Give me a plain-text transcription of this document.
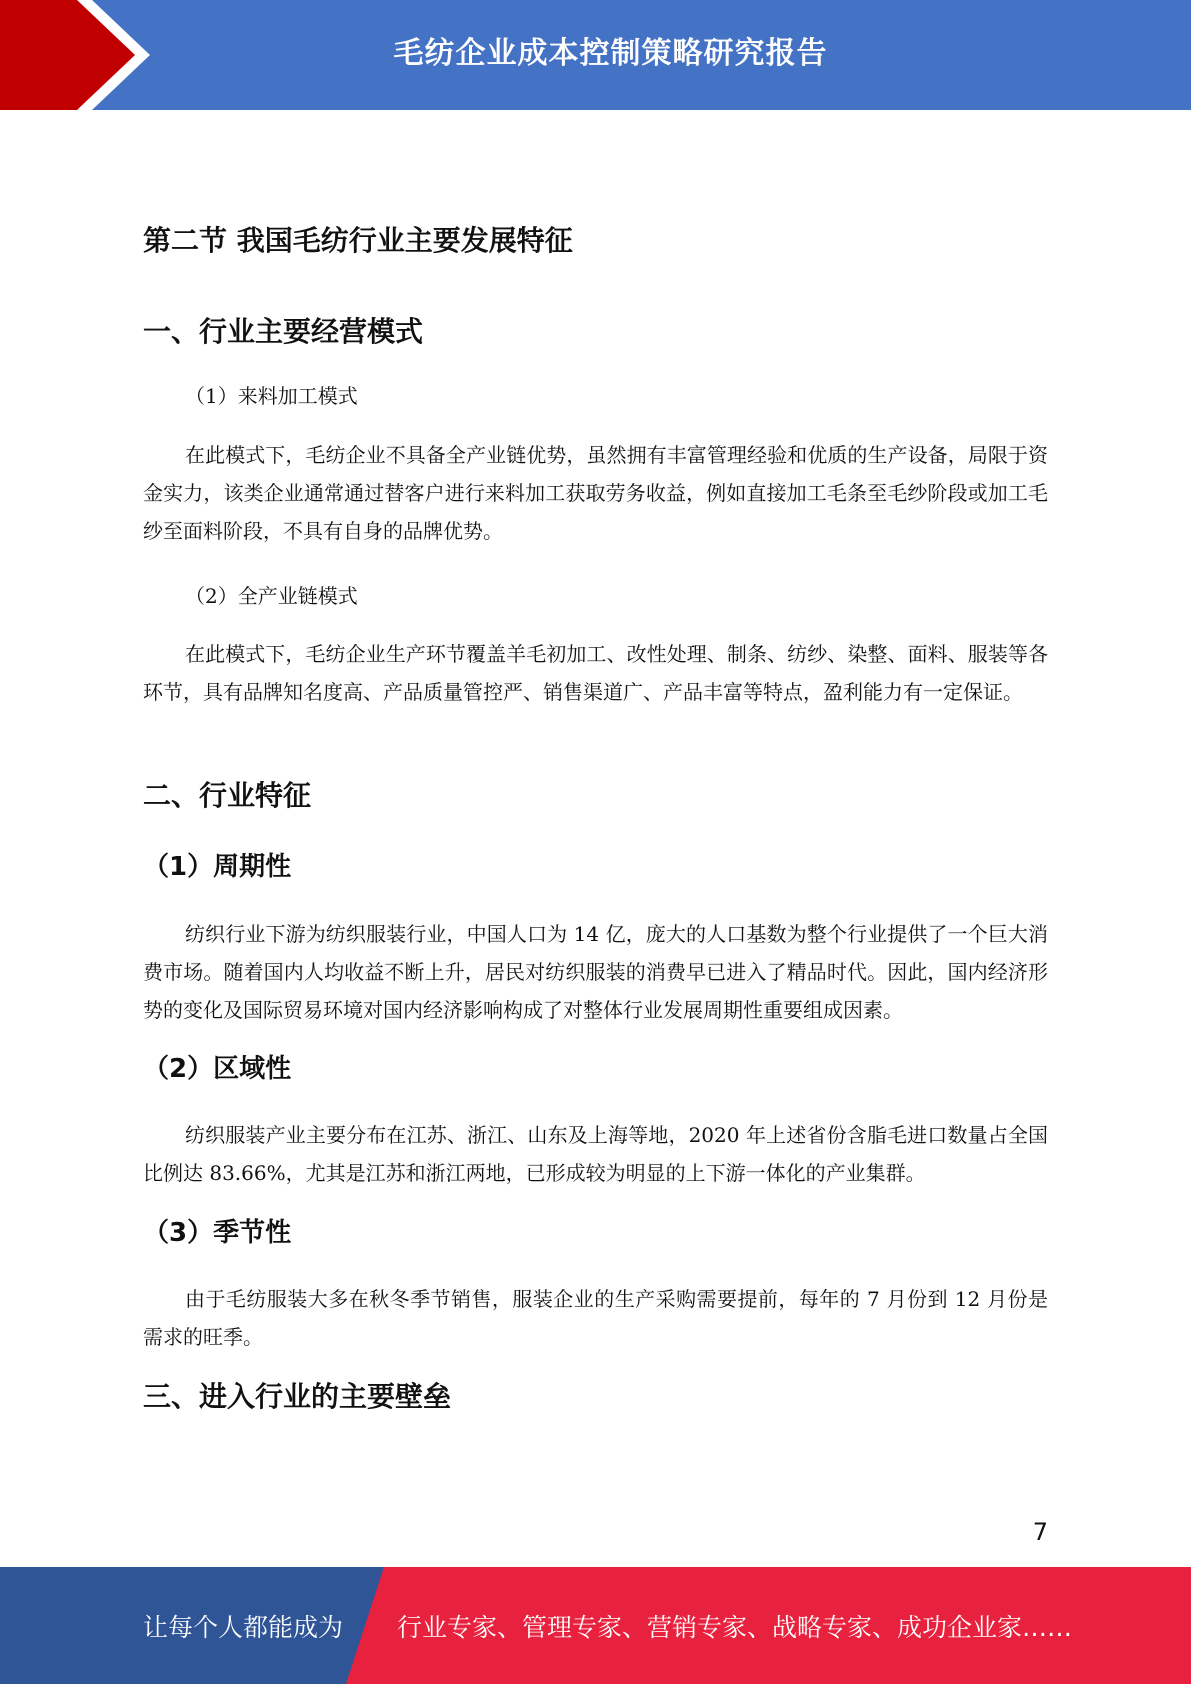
毛纺企业成本控制策略研究报告
第二节 我国毛纺行业主要发展特征
一、行业主要经营模式
（1）来料加工模式

在此模式下，毛纺企业不具备全产业链优势，虽然拥有丰富管理经验和优质的生产设备，局限于资金实力，该类企业通常通过替客户进行来料加工获取劳务收益，例如直接加工毛条至毛纱阶段或加工毛纱至面料阶段，不具有自身的品牌优势。

（2）全产业链模式

在此模式下，毛纺企业生产环节覆盖羊毛初加工、改性处理、制条、纺纱、染整、面料、服装等各环节，具有品牌知名度高、产品质量管控严、销售渠道广、产品丰富等特点，盈利能力有一定保证。

二、行业特征
（1）周期性

纺织行业下游为纺织服装行业，中国人口为 14 亿，庞大的人口基数为整个行业提供了一个巨大消费市场。随着国内人均收益不断上升，居民对纺织服装的消费早已进入了精品时代。因此，国内经济形势的变化及国际贸易环境对国内经济影响构成了对整体行业发展周期性重要组成因素。

（2）区域性

纺织服装产业主要分布在江苏、浙江、山东及上海等地，2020 年上述省份含脂毛进口数量占全国比例达 83.66%，尤其是江苏和浙江两地，已形成较为明显的上下游一体化的产业集群。

（3）季节性

由于毛纺服装大多在秋冬季节销售，服装企业的生产采购需要提前，每年的 7 月份到 12 月份是需求的旺季。

三、进入行业的主要壁垒
7
让每个人都能成为 行业专家、管理专家、营销专家、战略专家、成功企业家……
